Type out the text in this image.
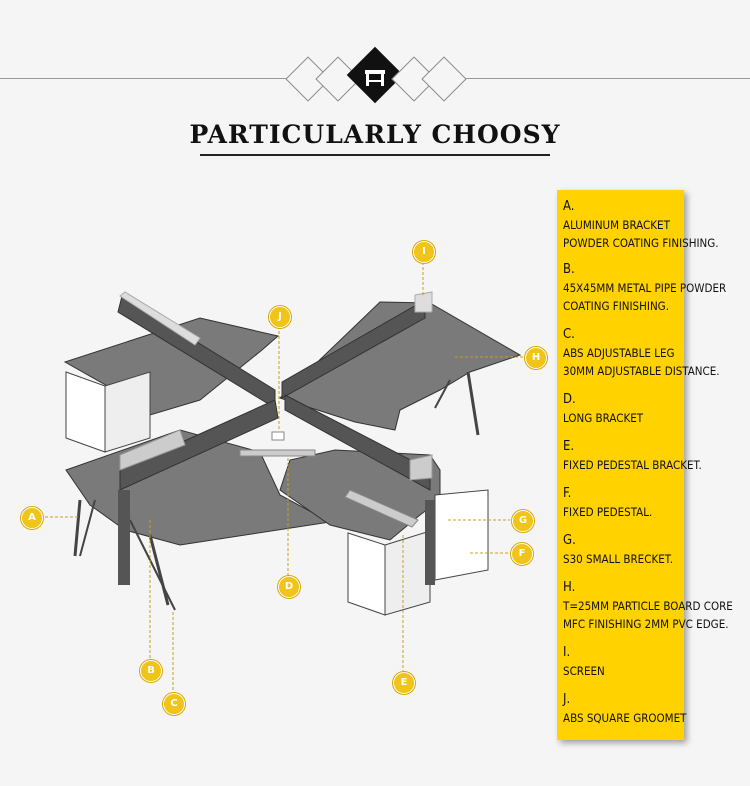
PARTICULARLY CHOOSY
A
B
C
D
E
F
G
H
I
J
A.
ALUMINUM BRACKET
POWDER COATING FINISHING.
B.
45X45MM METAL PIPE POWDER
COATING FINISHING.
C.
ABS ADJUSTABLE LEG
30MM ADJUSTABLE DISTANCE.
D.
LONG BRACKET
E.
FIXED PEDESTAL BRACKET.
F.
FIXED PEDESTAL.
G.
S30 SMALL BRECKET.
H.
T=25MM PARTICLE BOARD CORE
MFC FINISHING 2MM PVC EDGE.
I.
SCREEN
J.
ABS SQUARE GROOMET
